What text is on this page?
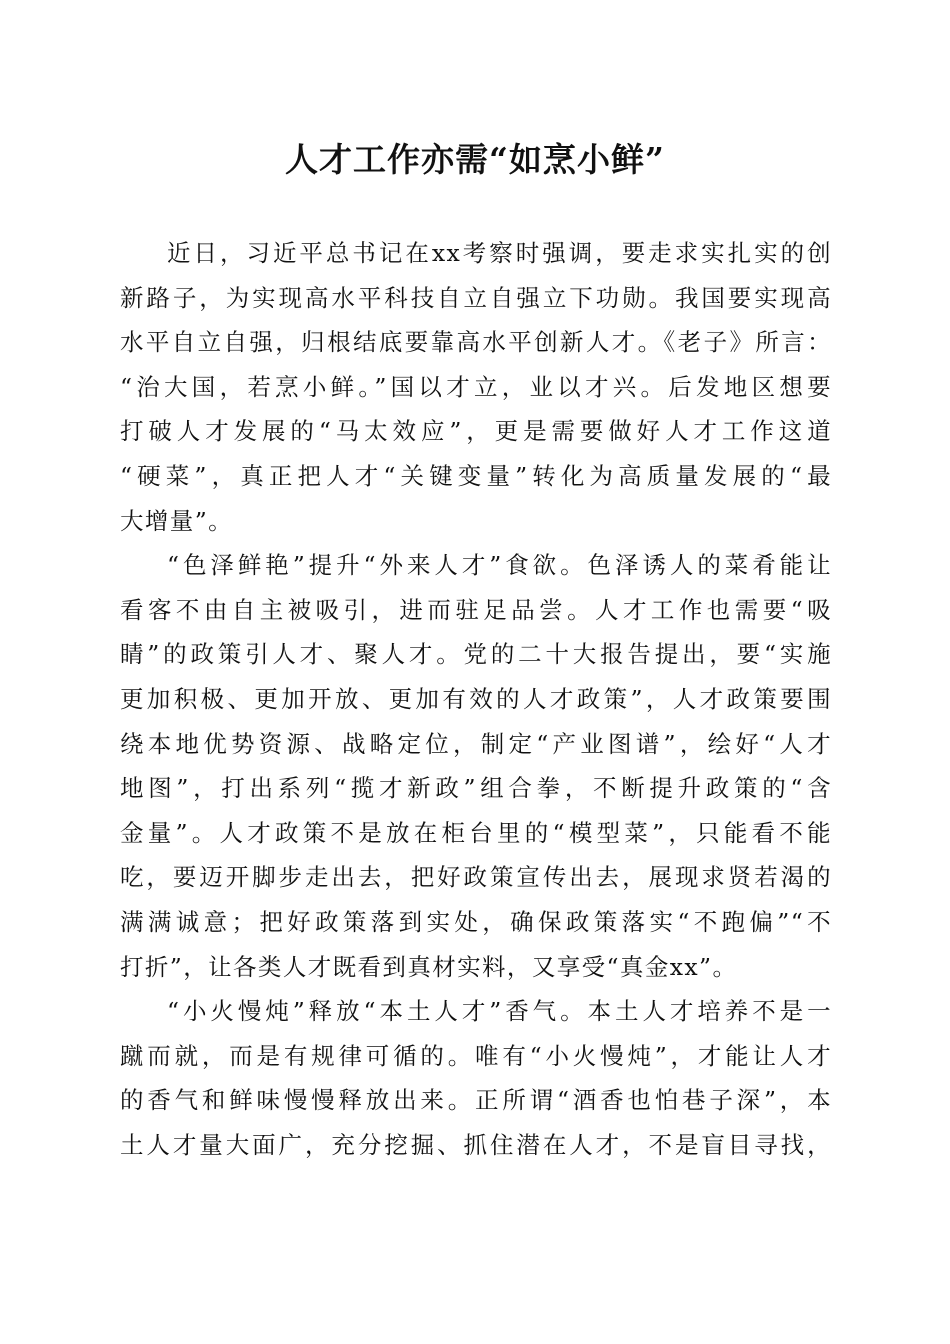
人才工作亦需“如烹小鲜”

近日，习近平总书记在xx考察时强调，要走求实扎实的创
新路子，为实现高水平科技自立自强立下功勋。我国要实现高
水平自立自强，归根结底要靠高水平创新人才。《老子》所言：
“治大国，若烹小鲜。”国以才立，业以才兴。后发地区想要
打破人才发展的“马太效应”，更是需要做好人才工作这道
“硬菜”，真正把人才“关键变量”转化为高质量发展的“最
大增量”。

“色泽鲜艳”提升“外来人才”食欲。色泽诱人的菜肴能让
看客不由自主被吸引，进而驻足品尝。人才工作也需要“吸
睛”的政策引人才、聚人才。党的二十大报告提出，要“实施
更加积极、更加开放、更加有效的人才政策”，人才政策要围
绕本地优势资源、战略定位，制定“产业图谱”，绘好“人才
地图”，打出系列“揽才新政”组合拳，不断提升政策的“含
金量”。人才政策不是放在柜台里的“模型菜”，只能看不能
吃，要迈开脚步走出去，把好政策宣传出去，展现求贤若渴的
满满诚意；把好政策落到实处，确保政策落实“不跑偏”“不
打折”，让各类人才既看到真材实料，又享受“真金xx”。

“小火慢炖”释放“本土人才”香气。本土人才培养不是一
蹴而就，而是有规律可循的。唯有“小火慢炖”，才能让人才
的香气和鲜味慢慢释放出来。正所谓“酒香也怕巷子深”，本
土人才量大面广，充分挖掘、抓住潜在人才，不是盲目寻找，
